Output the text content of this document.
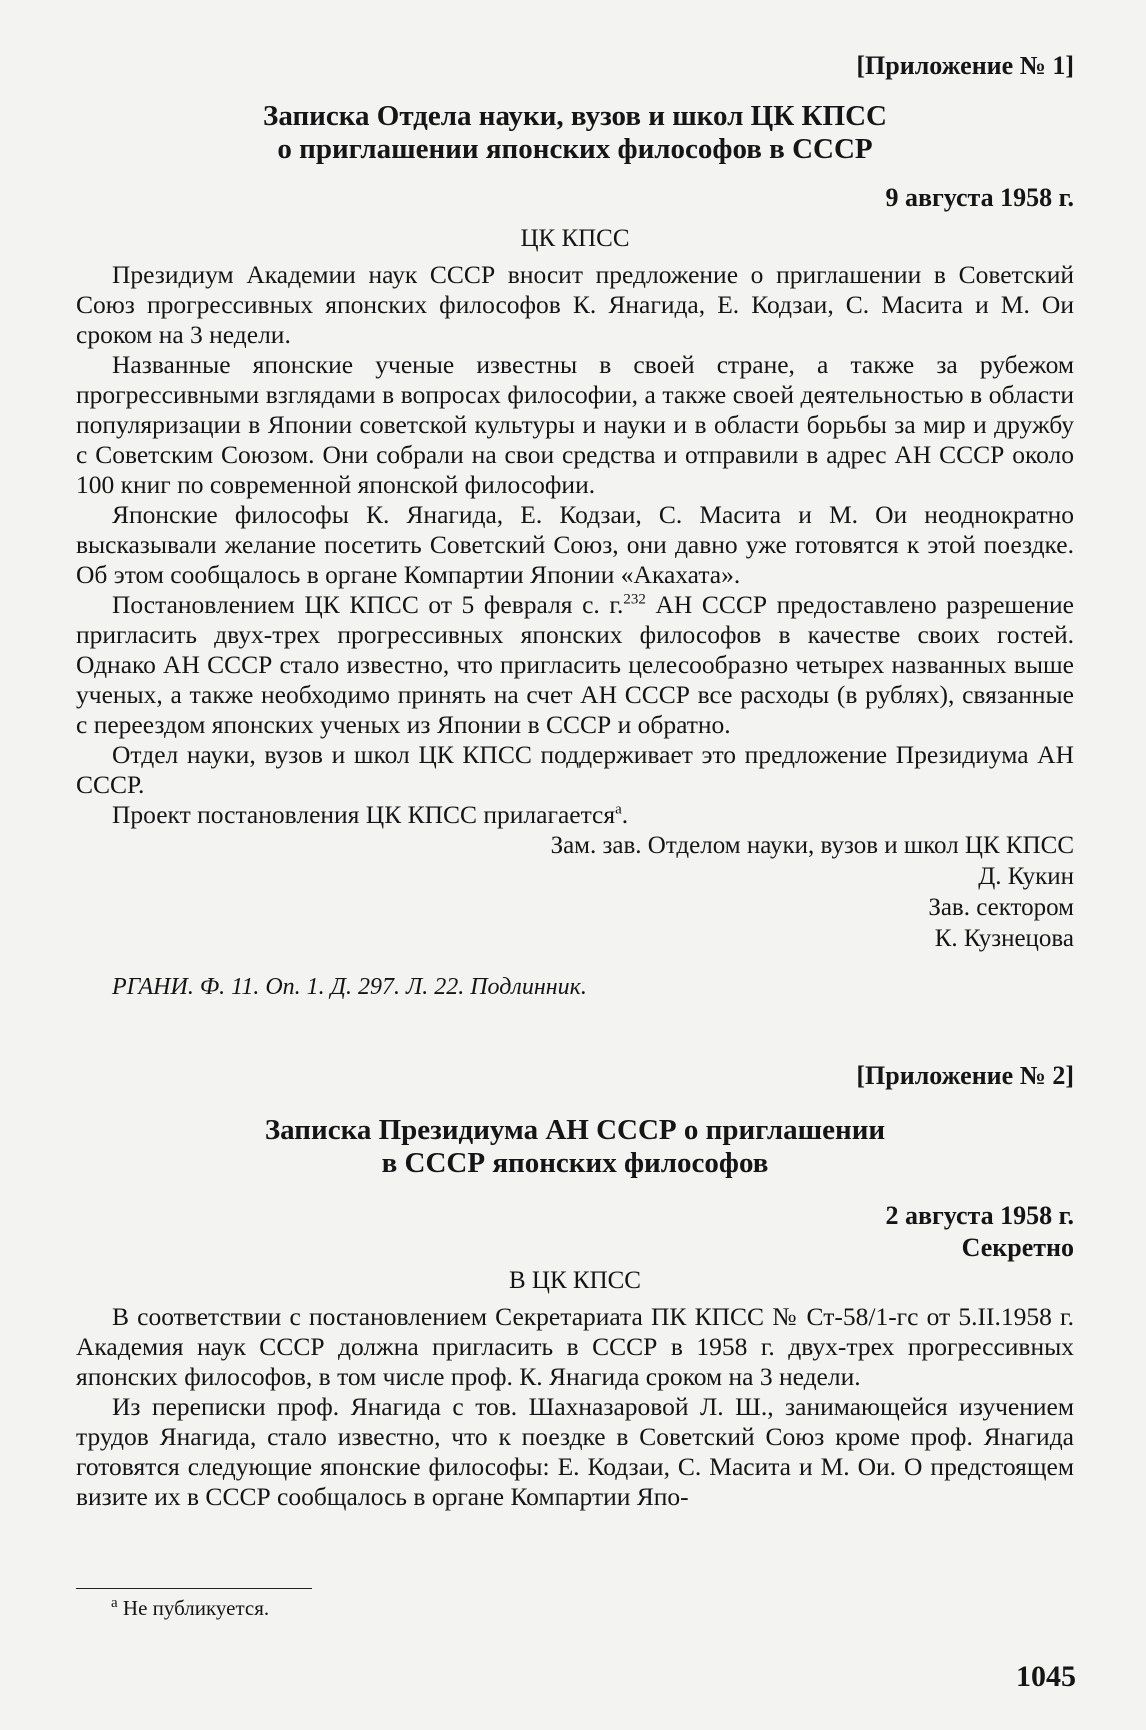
[Приложение № 1]
Записка Отдела науки, вузов и школ ЦК КПСС
о приглашении японских философов в СССР
9 августа 1958 г.
ЦК КПСС

Президиум Академии наук СССР вносит предложение о приглашении в Советский Союз прогрессивных японских философов К. Янагида, Е. Кодзаи, С. Масита и М. Ои сроком на 3 недели.

Названные японские ученые известны в своей стране, а также за рубежом прогрессивными взглядами в вопросах философии, а также своей деятельностью в области популяризации в Японии советской культуры и науки и в области борьбы за мир и дружбу с Советским Союзом. Они собрали на свои средства и отправили в адрес АН СССР около 100 книг по современной японской философии.

Японские философы К. Янагида, Е. Кодзаи, С. Масита и М. Ои неоднократно высказывали желание посетить Советский Союз, они давно уже готовятся к этой поездке. Об этом сообщалось в органе Компартии Японии «Акахата».

Постановлением ЦК КПСС от 5 февраля с. г.$^{232}$ АН СССР предоставлено разрешение пригласить двух-трех прогрессивных японских философов в качестве своих гостей. Однако АН СССР стало известно, что пригласить целесообразно четырех названных выше ученых, а также необходимо принять на счет АН СССР все расходы (в рублях), связанные с переездом японских ученых из Японии в СССР и обратно.

Отдел науки, вузов и школ ЦК КПСС поддерживает это предложение Президиума АН СССР.

Проект постановления ЦК КПСС прилагается$^а$.

Зам. зав. Отделом науки, вузов и школ ЦК КПСС
Д. Кукин
Зав. сектором
К. Кузнецова
РГАНИ. Ф. 11. Оп. 1. Д. 297. Л. 22. Подлинник.
[Приложение № 2]
Записка Президиума АН СССР о приглашении
в СССР японских философов
2 августа 1958 г.
Секретно
В ЦК КПСС

В соответствии с постановлением Секретариата ПК КПСС № Ст-58/1-гс от 5.II.1958 г. Академия наук СССР должна пригласить в СССР в 1958 г. двух-трех прогрессивных японских философов, в том числе проф. К. Янагида сроком на 3 недели.

Из переписки проф. Янагида с тов. Шахназаровой Л. Ш., занимающейся изучением трудов Янагида, стало известно, что к поездке в Советский Союз кроме проф. Янагида готовятся следующие японские философы: Е. Кодзаи, С. Масита и М. Ои. О предстоящем визите их в СССР сообщалось в органе Компартии Япо-

$^а$ Не публикуется.
1045
